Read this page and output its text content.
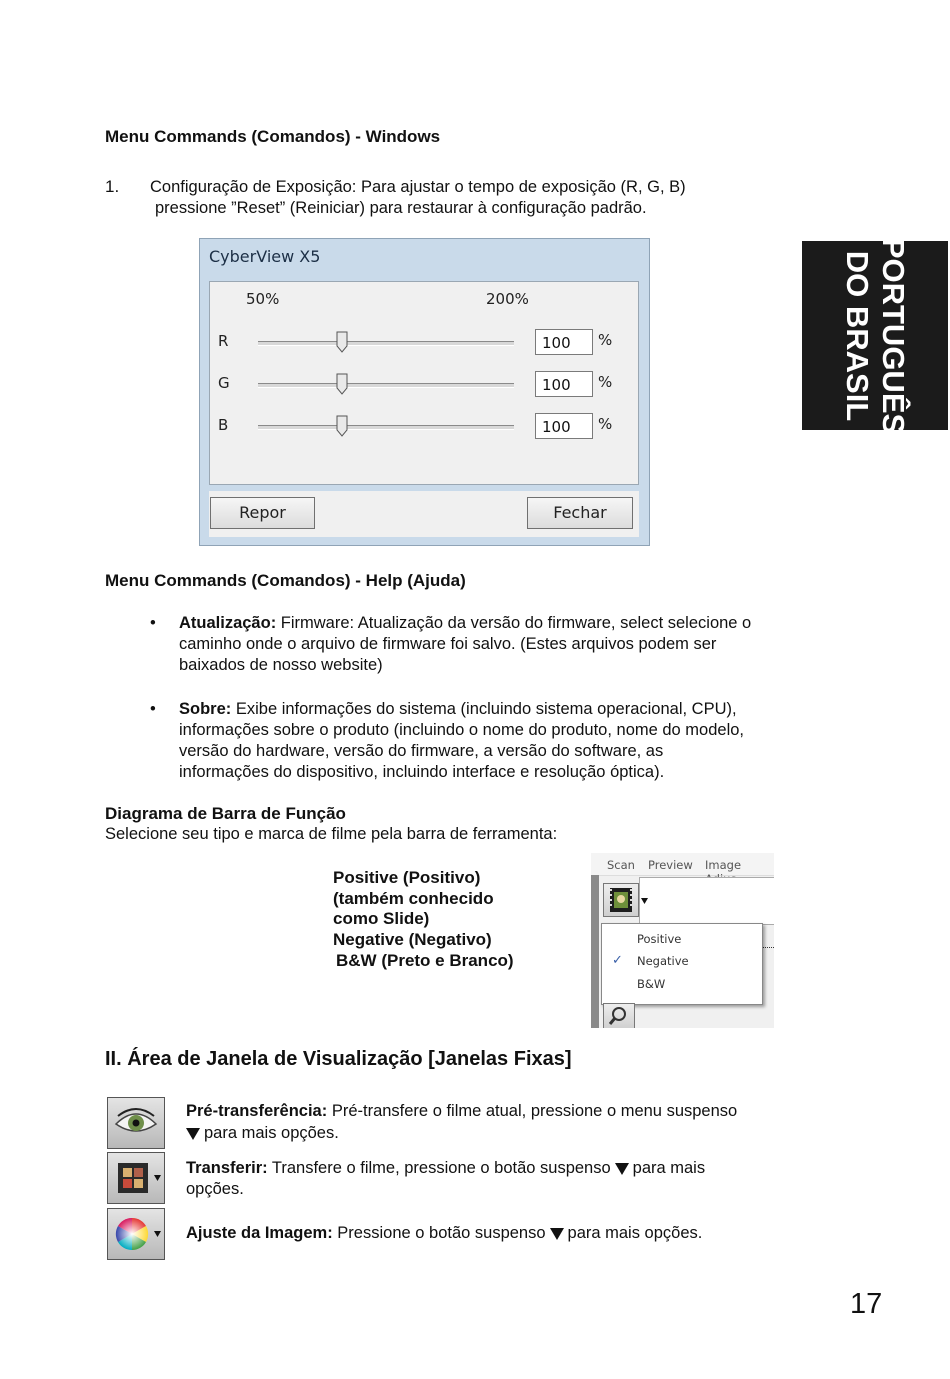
PORTUGUÊS
DO BRASIL
Menu Commands (Comandos) - Windows
1. Configuração de Exposição: Para ajustar o tempo de exposição (R, G, B)
pressione ”Reset” (Reiniciar) para restaurar à configuração padrão.
CyberView X5
50%	200%
R	100	%
G	100	%
B	100	%
Repor	Fechar
Menu Commands (Comandos) - Help (Ajuda)
• Atualização: Firmware: Atualização da versão do firmware, select selecione o
caminho onde o arquivo de firmware foi salvo. (Estes arquivos podem ser
baixados de nosso website)
• Sobre: Exibe informações do sistema (incluindo sistema operacional, CPU),
informações sobre o produto (incluindo o nome do produto, nome do modelo,
versão do hardware, versão do firmware, a versão do software, as
informações do dispositivo, incluindo interface e resolução óptica).
Diagrama de Barra de Função
Selecione seu tipo e marca de filme pela barra de ferramenta:
Positive (Positivo)
(também conhecido
como Slide)
Negative (Negativo)
B&W (Preto e Branco)
Scan Preview Image
Positive
✓ Negative
B&W
II. Área de Janela de Visualização [Janelas Fixas]
Pré-transferência: Pré-transfere o filme atual, pressione o menu suspenso
para mais opções.
Transferir: Transfere o filme, pressione o botão suspenso para mais
opções.
Ajuste da Imagem: Pressione o botão suspenso para mais opções.
17
